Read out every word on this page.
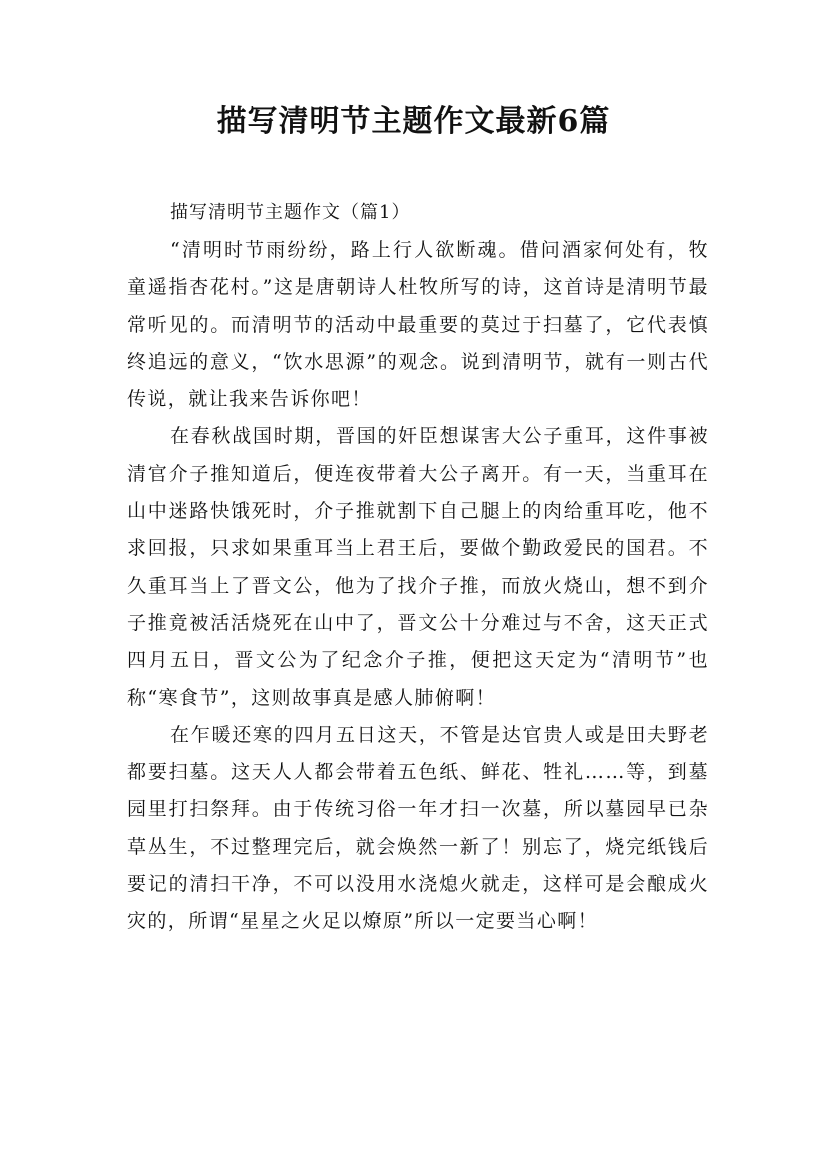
描写清明节主题作文最新6篇

描写清明节主题作文（篇1）

“清明时节雨纷纷，路上行人欲断魂。借问酒家何处有，牧童遥指杏花村。”这是唐朝诗人杜牧所写的诗，这首诗是清明节最常听见的。而清明节的活动中最重要的莫过于扫墓了，它代表慎终追远的意义，“饮水思源”的观念。说到清明节，就有一则古代传说，就让我来告诉你吧！

在春秋战国时期，晋国的奸臣想谋害大公子重耳，这件事被清官介子推知道后，便连夜带着大公子离开。有一天，当重耳在山中迷路快饿死时，介子推就割下自己腿上的肉给重耳吃，他不求回报，只求如果重耳当上君王后，要做个勤政爱民的国君。不久重耳当上了晋文公，他为了找介子推，而放火烧山，想不到介子推竟被活活烧死在山中了，晋文公十分难过与不舍，这天正式四月五日，晋文公为了纪念介子推，便把这天定为“清明节”也称“寒食节”，这则故事真是感人肺俯啊！

在乍暖还寒的四月五日这天，不管是达官贵人或是田夫野老都要扫墓。这天人人都会带着五色纸、鲜花、牲礼……等，到墓园里打扫祭拜。由于传统习俗一年才扫一次墓，所以墓园早已杂草丛生，不过整理完后，就会焕然一新了！别忘了，烧完纸钱后要记的清扫干净，不可以没用水浇熄火就走，这样可是会酿成火灾的，所谓“星星之火足以燎原”所以一定要当心啊！
